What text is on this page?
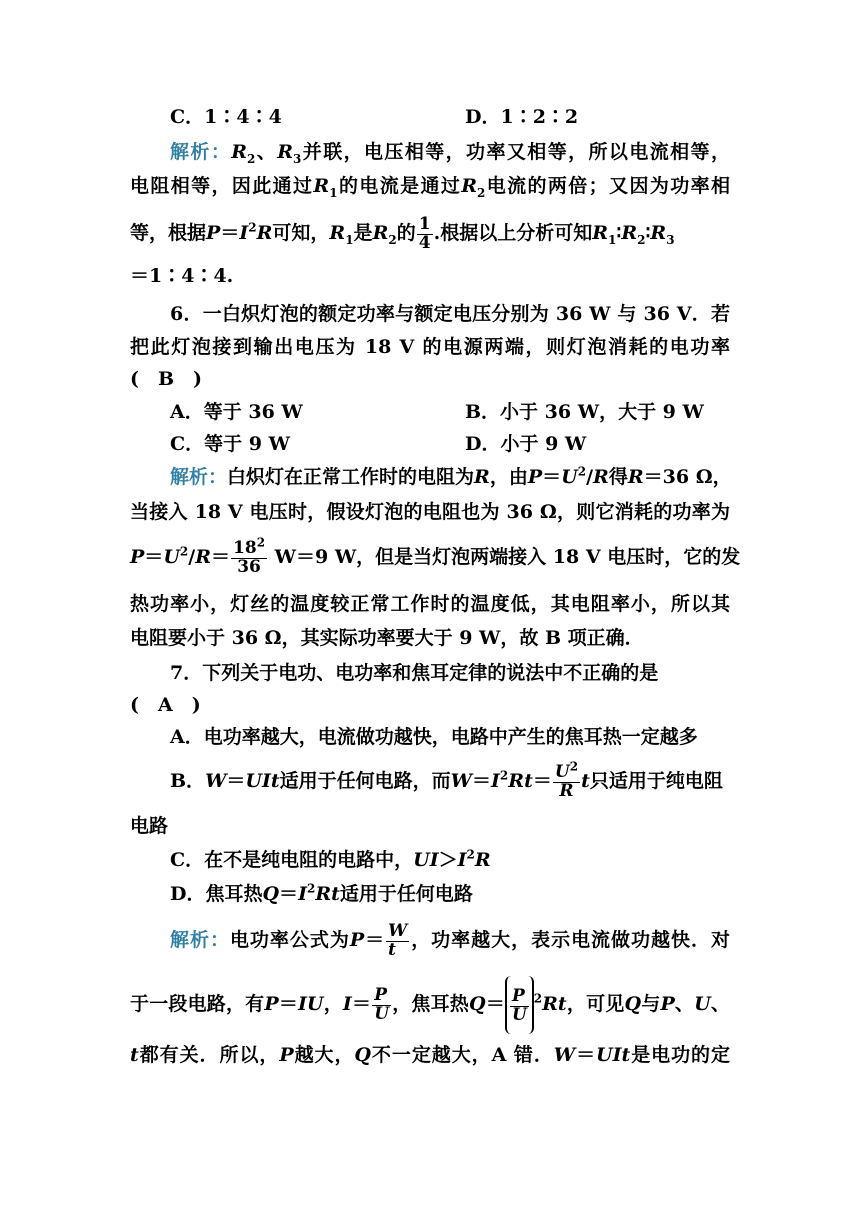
C．1∶4∶4	D．1∶2∶2
解析：$R_2$、$R_3$并联，电压相等，功率又相等，所以电流相等，
电阻相等，因此通过$R_1$的电流是通过$R_2$电流的两倍；又因为功率相
等，根据$P=I^2R$可知，$R_1$是$R_2$的 $\frac{1}{4}$ .根据以上分析可知$R_1∶R_2∶R_3$
＝1∶4∶4.
6．一白炽灯泡的额定功率与额定电压分别为 36 W 与 36 V．若
把此灯泡接到输出电压为 18 V 的电源两端，则灯泡消耗的电功率
(　B　)
A．等于 36 W	B．小于 36 W，大于 9 W
C．等于 9 W	D．小于 9 W
解析：白炽灯在正常工作时的电阻为R，由$P=U^2/R$得R＝36 Ω，
当接入 18 V 电压时，假设灯泡的电阻也为 36 Ω，则它消耗的功率为
$P=U^2/R= \frac{18^2}{36} W=9$ W，但是当灯泡两端接入 18 V 电压时，它的发
热功率小，灯丝的温度较正常工作时的温度低，其电阻率小，所以其
电阻要小于 36 Ω，其实际功率要大于 9 W，故 B 项正确．
7．下列关于电功、电功率和焦耳定律的说法中不正确的是
(　A　)
A．电功率越大，电流做功越快，电路中产生的焦耳热一定越多
B．W＝UIt适用于任何电路，而$W=I^2Rt= \frac{U^2}{R}$ t只适用于纯电阻
电路
C．在不是纯电阻的电路中，$UI>I^2R$
D．焦耳热$Q=I^2Rt$适用于任何电路
解析：电功率公式为$P= \frac{W}{t}$ ，功率越大，表示电流做功越快．对
于一段电路，有P＝IU，$I= \frac{P}{U}$ ，焦耳热$Q= \frac{P}{U} ^2Rt$，可见Q与P、U、
t都有关．所以，P越大，Q不一定越大，A 错．W＝UIt是电功的定
